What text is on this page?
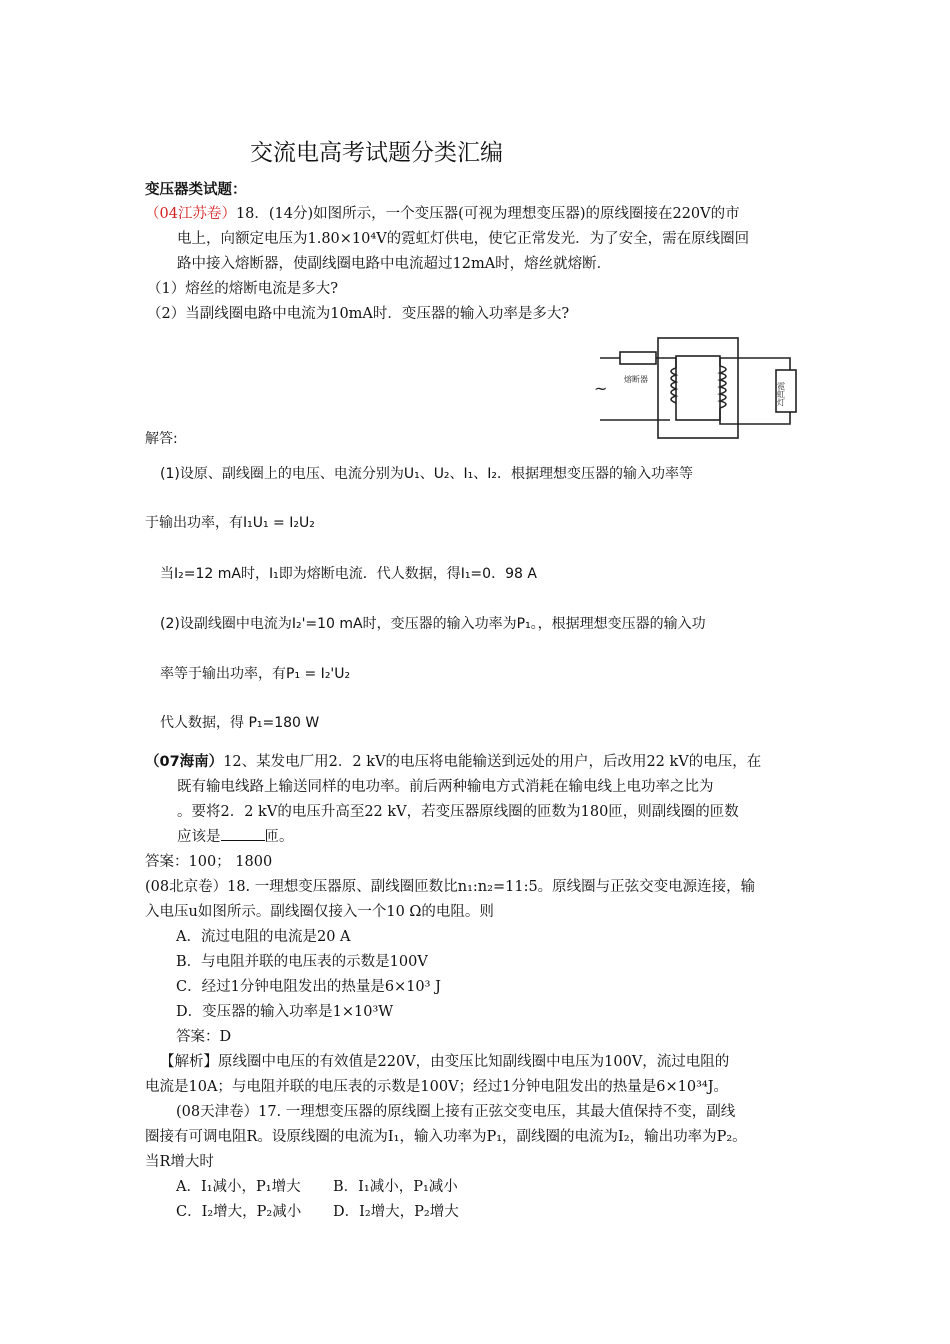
交流电高考试题分类汇编
变压器类试题：
（04江苏卷）18．(14分)如图所示，一个变压器(可视为理想变压器)的原线圈接在220V的市
电上，向额定电压为1.80×10⁴V的霓虹灯供电，使它正常发光．为了安全，需在原线圈回
路中接入熔断器，使副线圈电路中电流超过12mA时，熔丝就熔断．
（1）熔丝的熔断电流是多大?
（2）当副线圈电路中电流为10mA时．变压器的输入功率是多大?
熔断器
~	霓虹灯
解答:
(1)设原、副线圈上的电压、电流分别为U₁、U₂、I₁、I₂．根据理想变压器的输入功率等
于输出功率，有I₁U₁ = I₂U₂
当I₂=12 mA时，I₁即为熔断电流．代人数据，得I₁=0．98 A
(2)设副线圈中电流为I₂'=10 mA时，变压器的输入功率为P₁。，根据理想变压器的输入功
率等于输出功率，有P₁ = I₂'U₂
代人数据，得 P₁=180 W
（07海南）12、某发电厂用2．2 kV的电压将电能输送到远处的用户，后改用22 kV的电压，在
既有输电线路上输送同样的电功率。前后两种输电方式消耗在输电线上电功率之比为
。要将2．2 kV的电压升高至22 kV，若变压器原线圈的匝数为180匝，则副线圈的匝数
应该是	匝。
答案：100； 1800
(08北京卷）18. 一理想变压器原、副线圈匝数比n₁:n₂=11:5。原线圈与正弦交变电源连接，输
入电压u如图所示。副线圈仅接入一个10 Ω的电阻。则
A．流过电阻的电流是20 A
B．与电阻并联的电压表的示数是100V
C．经过1分钟电阻发出的热量是6×10³ J
D．变压器的输入功率是1×10³W
答案：D
【解析】原线圈中电压的有效值是220V，由变压比知副线圈中电压为100V，流过电阻的
电流是10A；与电阻并联的电压表的示数是100V；经过1分钟电阻发出的热量是6×10³⁴J。
(08天津卷）17. 一理想变压器的原线圈上接有正弦交变电压，其最大值保持不变，副线
圈接有可调电阻R。设原线圈的电流为I₁，输入功率为P₁，副线圈的电流为I₂，输出功率为P₂。
当R增大时
A．I₁减小，P₁增大 B．I₁减小，P₁减小
C．I₂增大，P₂减小 D．I₂增大，P₂增大
